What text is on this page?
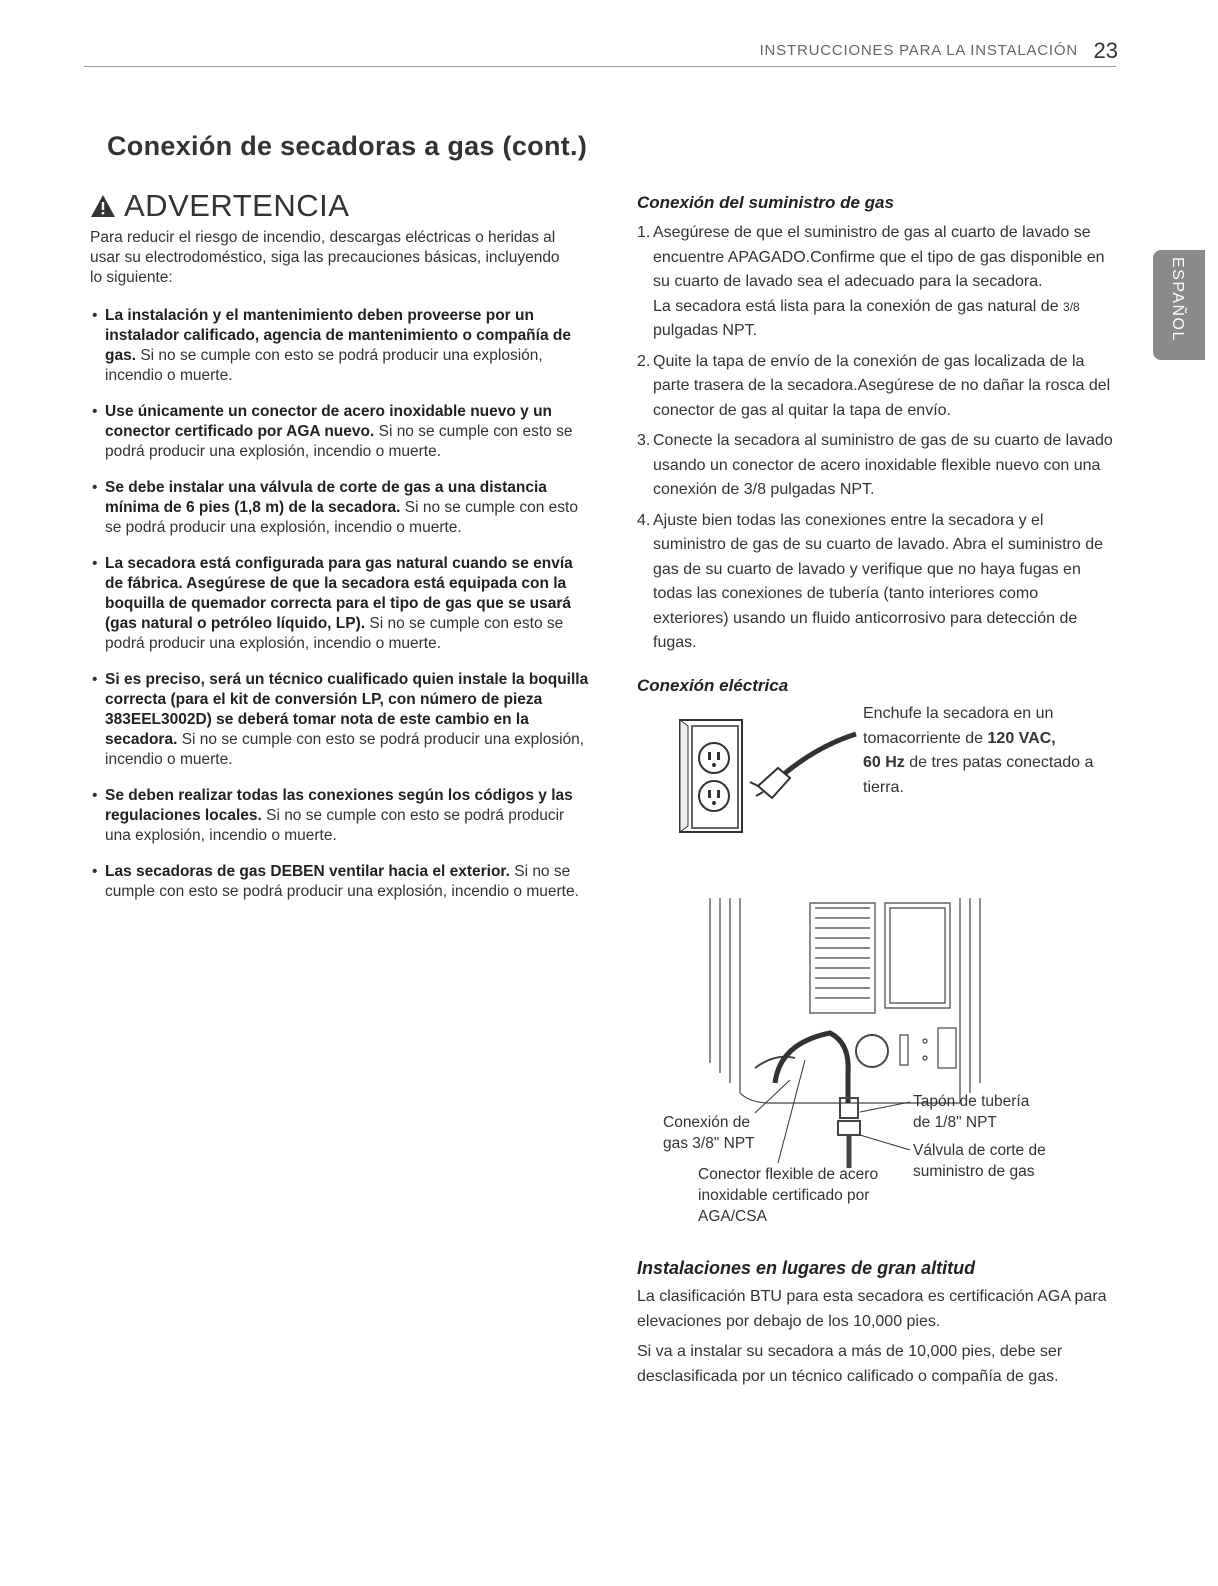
INSTRUCCIONES PARA LA INSTALACIÓN 23
Conexión de secadoras a gas (cont.)
ADVERTENCIA
Para reducir el riesgo de incendio, descargas eléctricas o heridas al usar su electrodoméstico, siga las precauciones básicas, incluyendo lo siguiente:
• La instalación y el mantenimiento deben proveerse por un instalador calificado, agencia de mantenimiento o compañía de gas. Si no se cumple con esto se podrá producir una explosión, incendio o muerte.
• Use únicamente un conector de acero inoxidable nuevo y un conector certificado por AGA nuevo. Si no se cumple con esto se podrá producir una explosión, incendio o muerte.
• Se debe instalar una válvula de corte de gas a una distancia mínima de 6 pies (1,8 m) de la secadora. Si no se cumple con esto se podrá producir una explosión, incendio o muerte.
• La secadora está configurada para gas natural cuando se envía de fábrica. Asegúrese de que la secadora está equipada con la boquilla de quemador correcta para el tipo de gas que se usará (gas natural o petróleo líquido, LP). Si no se cumple con esto se podrá producir una explosión, incendio o muerte.
• Si es preciso, será un técnico cualificado quien instale la boquilla correcta (para el kit de conversión LP, con número de pieza 383EEL3002D) se deberá tomar nota de este cambio en la secadora. Si no se cumple con esto se podrá producir una explosión, incendio o muerte.
• Se deben realizar todas las conexiones según los códigos y las regulaciones locales. Si no se cumple con esto se podrá producir una explosión, incendio o muerte.
• Las secadoras de gas DEBEN ventilar hacia el exterior. Si no se cumple con esto se podrá producir una explosión, incendio o muerte.
Conexión del suministro de gas
1. Asegúrese de que el suministro de gas al cuarto de lavado se encuentre APAGADO.Confirme que el tipo de gas disponible en su cuarto de lavado sea el adecuado para la secadora.
La secadora está lista para la conexión de gas natural de 3/8
pulgadas NPT.
2. Quite la tapa de envío de la conexión de gas localizada de la parte trasera de la secadora.Asegúrese de no dañar la rosca del conector de gas al quitar la tapa de envío.
3. Conecte la secadora al suministro de gas de su cuarto de lavado usando un conector de acero inoxidable flexible nuevo con una conexión de 3/8 pulgadas NPT.
4. Ajuste bien todas las conexiones entre la secadora y el suministro de gas de su cuarto de lavado. Abra el suministro de gas de su cuarto de lavado y verifique que no haya fugas en todas las conexiones de tubería (tanto interiores como exteriores) usando un fluido anticorrosivo para detección de fugas.
Conexión eléctrica
Enchufe la secadora en un tomacorriente de 120 VAC,
60 Hz de tres patas conectado a tierra.
Conexión de
gas 3/8" NPT
Tapón de tubería
de 1/8" NPT
Válvula de corte de
suministro de gas
Conector flexible de acero
inoxidable certificado por
AGA/CSA
Instalaciones en lugares de gran altitud

La clasificación BTU para esta secadora es certificación AGA para elevaciones por debajo de los 10,000 pies.

Si va a instalar su secadora a más de 10,000 pies, debe ser desclasificada por un técnico calificado o compañía de gas.

ESPAÑOL
